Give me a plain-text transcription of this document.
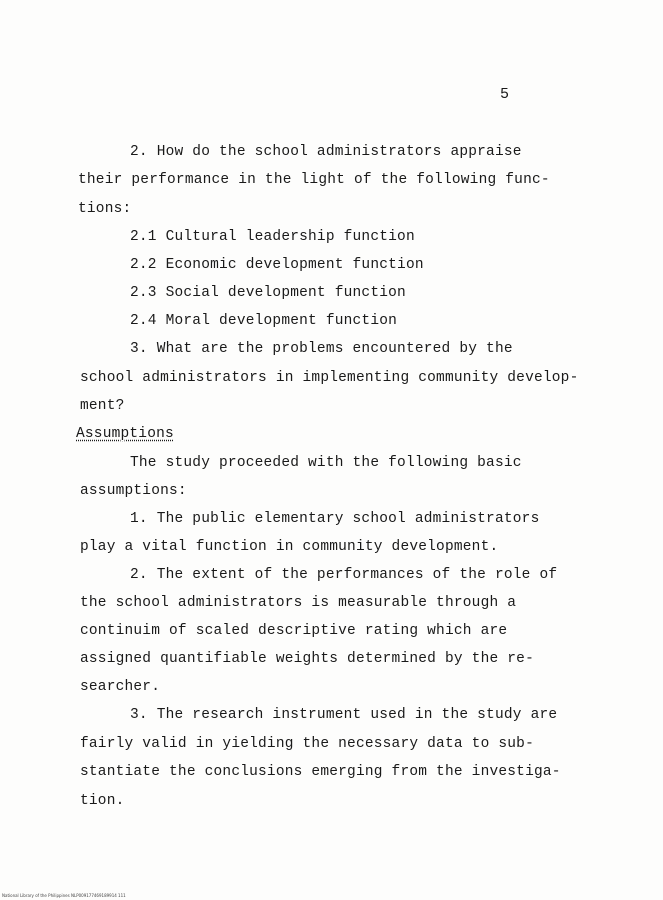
5
2. How do the school administrators appraise
their performance in the light of the following func-
tions:
2.1 Cultural leadership function
2.2 Economic development function
2.3 Social development function
2.4 Moral development function
3. What are the problems encountered by the
school administrators in implementing community develop-
ment?
Assumptions
The study proceeded with the following basic
assumptions:
1. The public elementary school administrators
play a vital function in community development.
2. The extent of the performances of the role of
the school administrators is measurable through a
continuim of scaled descriptive rating which are
assigned quantifiable weights determined by the re-
searcher.
3. The research instrument used in the study are
fairly valid in yielding the necessary data to sub-
stantiate the conclusions emerging from the investiga-
tion.
National Library of the Philippines NLP009177469189914 111
